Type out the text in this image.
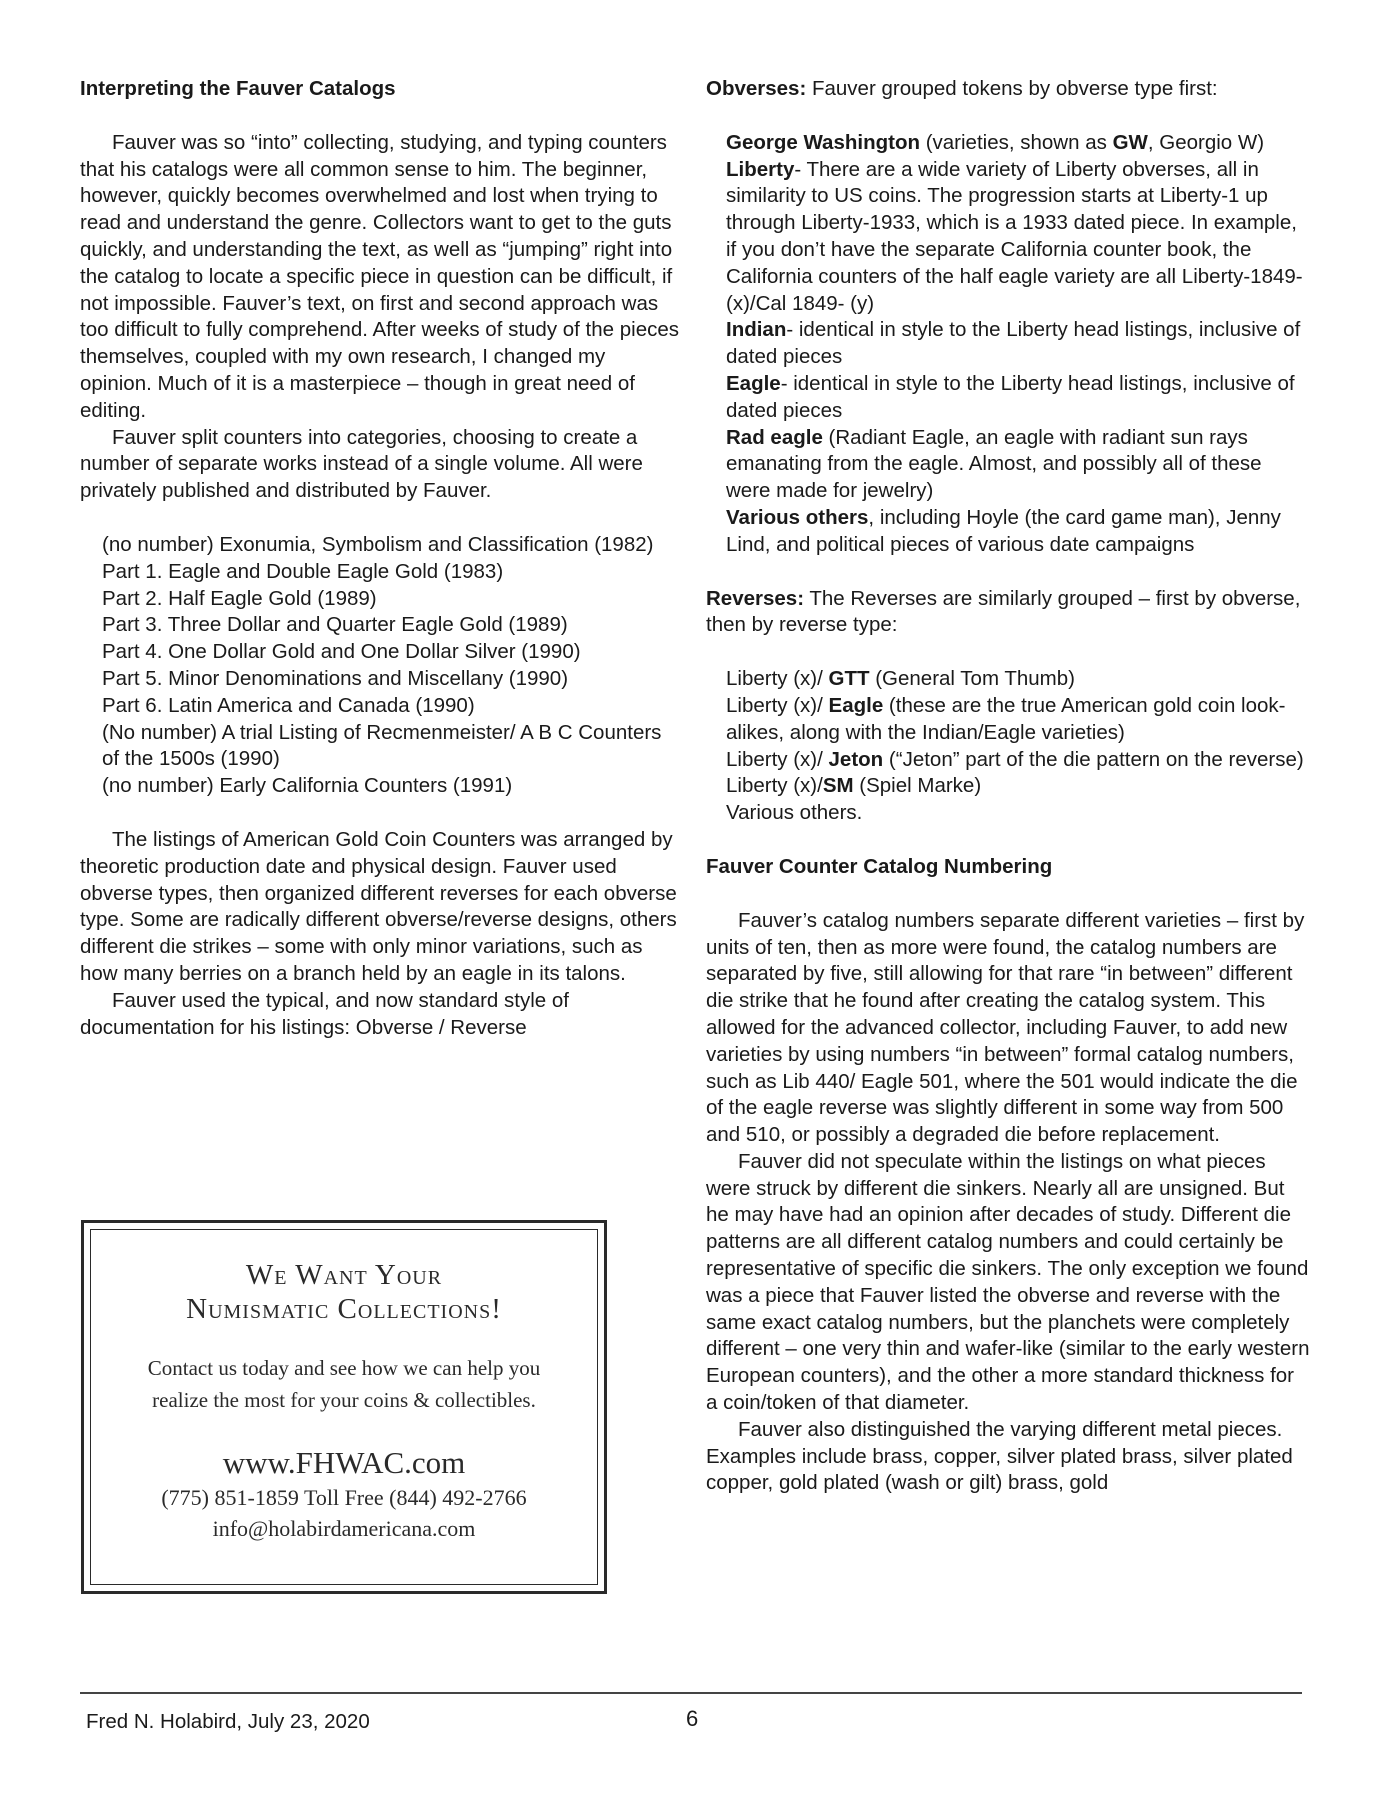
Interpreting the Fauver Catalogs

Fauver was so “into” collecting, studying, and typing counters that his catalogs were all common sense to him. The beginner, however, quickly becomes overwhelmed and lost when trying to read and understand the genre. Collectors want to get to the guts quickly, and understanding the text, as well as “jumping” right into the catalog to locate a specific piece in question can be difficult, if not impossible. Fauver’s text, on first and second approach was too difficult to fully comprehend. After weeks of study of the pieces themselves, coupled with my own research, I changed my opinion. Much of it is a masterpiece – though in great need of editing.

Fauver split counters into categories, choosing to create a number of separate works instead of a single volume. All were privately published and distributed by Fauver.

(no number) Exonumia, Symbolism and Classification (1982)
Part 1. Eagle and Double Eagle Gold (1983)
Part 2. Half Eagle Gold (1989)
Part 3. Three Dollar and Quarter Eagle Gold (1989)
Part 4. One Dollar Gold and One Dollar Silver (1990)
Part 5. Minor Denominations and Miscellany (1990)
Part 6. Latin America and Canada (1990)
(No number) A trial Listing of Recmenmeister/ A B C Counters of the 1500s (1990)
(no number) Early California Counters (1991)

The listings of American Gold Coin Counters was arranged by theoretic production date and physical design. Fauver used obverse types, then organized different reverses for each obverse type. Some are radically different obverse/reverse designs, others different die strikes – some with only minor variations, such as how many berries on a branch held by an eagle in its talons.

Fauver used the typical, and now standard style of documentation for his listings: Obverse / Reverse

We Want Your
Numismatic Collections!
Contact us today and see how we can help you
realize the most for your coins & collectibles.
www.FHWAC.com
(775) 851-1859 Toll Free (844) 492-2766
info@holabirdamericana.com

Obverses: Fauver grouped tokens by obverse type first:

George Washington (varieties, shown as GW, Georgio W)

Liberty- There are a wide variety of Liberty obverses, all in similarity to US coins. The progression starts at Liberty-1 up through Liberty-1933, which is a 1933 dated piece. In example, if you don’t have the separate California counter book, the California counters of the half eagle variety are all Liberty-1849-(x)/Cal 1849- (y)

Indian- identical in style to the Liberty head listings, inclusive of dated pieces

Eagle- identical in style to the Liberty head listings, inclusive of dated pieces

Rad eagle (Radiant Eagle, an eagle with radiant sun rays emanating from the eagle. Almost, and possibly all of these were made for jewelry)

Various others, including Hoyle (the card game man), Jenny Lind, and political pieces of various date campaigns

Reverses: The Reverses are similarly grouped – first by obverse, then by reverse type:

Liberty (x)/ GTT (General Tom Thumb)

Liberty (x)/ Eagle (these are the true American gold coin look-alikes, along with the Indian/Eagle varieties)

Liberty (x)/ Jeton (“Jeton” part of the die pattern on the reverse)

Liberty (x)/SM (Spiel Marke)

Various others.

Fauver Counter Catalog Numbering

Fauver’s catalog numbers separate different varieties – first by units of ten, then as more were found, the catalog numbers are separated by five, still allowing for that rare “in between” different die strike that he found after creating the catalog system. This allowed for the advanced collector, including Fauver, to add new varieties by using numbers “in between” formal catalog numbers, such as Lib 440/ Eagle 501, where the 501 would indicate the die of the eagle reverse was slightly different in some way from 500 and 510, or possibly a degraded die before replacement.

Fauver did not speculate within the listings on what pieces were struck by different die sinkers. Nearly all are unsigned. But he may have had an opinion after decades of study. Different die patterns are all different catalog numbers and could certainly be representative of specific die sinkers. The only exception we found was a piece that Fauver listed the obverse and reverse with the same exact catalog numbers, but the planchets were completely different – one very thin and wafer-like (similar to the early western European counters), and the other a more standard thickness for a coin/token of that diameter.

Fauver also distinguished the varying different metal pieces. Examples include brass, copper, silver plated brass, silver plated copper, gold plated (wash or gilt) brass, gold

Fred N. Holabird, July 23, 2020	6
